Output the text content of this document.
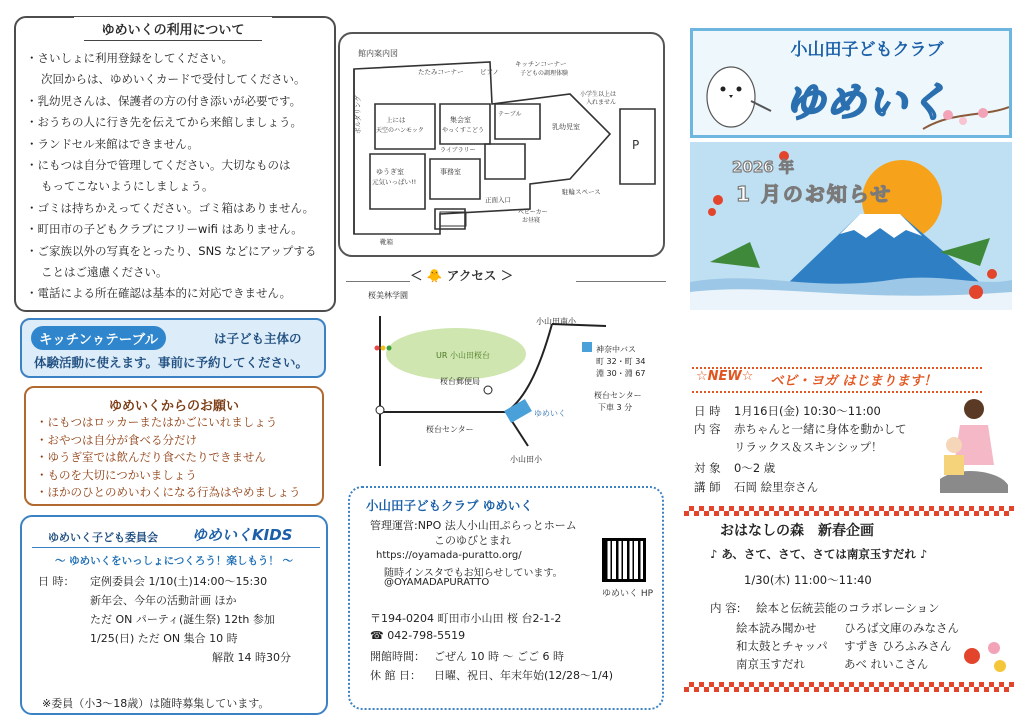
ゆめいくの利用について
・ さいしょに利用登録をしてください。
次回からは、ゆめいくカードで受付してください。
・ 乳幼児さんは、保護者の方の付き添いが必要です。
・ おうちの人に行き先を伝えてから来館しましょう。
・ ランドセル来館はできません。
・ にもつは自分で管理してください。大切なものは
もってこないようにしましょう。
・ ゴミは持ちかえってください。ゴミ箱はありません。
・ 町田市の子どもクラブにフリーwifi はありません。
・ ご家族以外の写真をとったり、SNS などにアップする
ことはご遠慮ください。
・ 電話による所在確認は基本的に対応できません。
キッチンゥテーブル	は子ども主体の
体験活動に使えます。事前に予約してください。
ゆめいくからのお願い
・ にもつはロッカーまたはかごにいれましょう
・ おやつは自分が食べる分だけ
・ ゆうぎ室では飲んだり食べたりできません
・ ものを大切につかいましょう
・ ほかのひとのめいわくになる行為はやめましょう
ゆめいく子ども委員会 ゆめいくKIDS
～ ゆめいくをいっしょにつくろう！楽しもう！ ～
日 時： 定例委員会 1/10(土)14:00～15:30
新年会、今年の活動計画 ほか
ただ ON パーティ(誕生祭) 12th 参加
1/25(日) ただ ON 集合 10 時
解散 14 時30分
※委員（小3～18歳）は随時募集しています。
館内案内図
たたみコーナー	ピアノ
キッチンコーナー
子どもの調理体験
ボルダリング	上には
天空のハンモック
集会室
やっくすこどう
テーブル
乳幼児室
小学生以上は
入れません
ゆうぎ室
元気いっぱい!!
事務室
ライブラリー
正面入口
ベビーカー
お昼寝
靴箱
駐輪スペース
P
＜ 🐥 アクセス ＞
桜美林学園
小山田南小
UR 小山田桜台
桜台郵便局
桜台センター
小山田小
ゆめいく
神奈中バス
町 32・町 34
淵 30・淵 67
桜台センター
下車 3 分
小山田子どもクラブ ゆめいく
管理運営:NPO 法人小山田ぷらっとホーム
このゆびとまれ
https://oyamada-puratto.org/
随時インスタでもお知らせしています。
@OYAMADAPURATTO
ゆめいく HP
〒194-0204 町田市小山田 桜 台2-1-2
☎ 042-798-5519
開館時間： ごぜん 10 時 ～ ごご 6 時
休 館 日： 日曜、祝日、年末年始(12/28～1/4)
小山田子どもクラブ
ゆめいく
2026 年
1 月のお知らせ
☆NEW☆ ベビ・ヨガ はじまります！
日 時 1月16日(金) 10:30～11:00
内 容 赤ちゃんと一緒に身体を動かして
リラックス＆スキンシップ！
対 象 0～2 歳
講 師 石岡 絵里奈さん
おはなしの森　新春企画
♪ あ、さて、さて、さては南京玉すだれ ♪
1/30(木) 11:00～11:40
内 容: 絵本と伝統芸能のコラボレーション
絵本読み聞かせ ひろば文庫のみなさん
和太鼓とチャッパ すずき ひろふみさん
南京玉すだれ	あべ れいこさん
